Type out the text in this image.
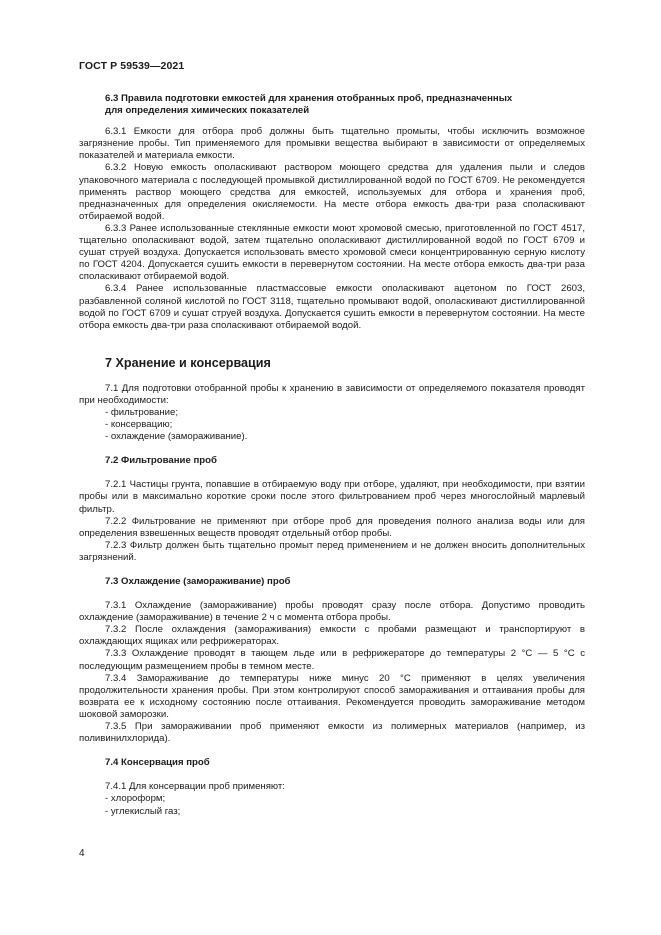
ГОСТ Р 59539—2021

6.3 Правила подготовки емкостей для хранения отобранных проб, предназначенных
для определения химических показателей

6.3.1 Емкости для отбора проб должны быть тщательно промыты, чтобы исключить возможное загрязнение пробы. Тип применяемого для промывки вещества выбирают в зависимости от определяемых показателей и материала емкости.

6.3.2 Новую емкость ополаскивают раствором моющего средства для удаления пыли и следов упаковочного материала с последующей промывкой дистиллированной водой по ГОСТ 6709. Не рекомендуется применять раствор моющего средства для емкостей, используемых для отбора и хранения проб, предназначенных для определения окисляемости. На месте отбора емкость два-три раза споласкивают отбираемой водой.

6.3.3 Ранее использованные стеклянные емкости моют хромовой смесью, приготовленной по ГОСТ 4517, тщательно ополаскивают водой, затем тщательно ополаскивают дистиллированной водой по ГОСТ 6709 и сушат струей воздуха. Допускается использовать вместо хромовой смеси концентрированную серную кислоту по ГОСТ 4204. Допускается сушить емкости в перевернутом состоянии. На месте отбора емкость два-три раза споласкивают отбираемой водой.

6.3.4 Ранее использованные пластмассовые емкости ополаскивают ацетоном по ГОСТ 2603, разбавленной соляной кислотой по ГОСТ 3118, тщательно промывают водой, ополаскивают дистиллированной водой по ГОСТ 6709 и сушат струей воздуха. Допускается сушить емкости в перевернутом состоянии. На месте отбора емкость два-три раза споласкивают отбираемой водой.

7 Хранение и консервация

7.1 Для подготовки отобранной пробы к хранению в зависимости от определяемого показателя проводят при необходимости:

- фильтрование;

- консервацию;

- охлаждение (замораживание).

7.2 Фильтрование проб

7.2.1 Частицы грунта, попавшие в отбираемую воду при отборе, удаляют, при необходимости, при взятии пробы или в максимально короткие сроки после этого фильтрованием проб через многослойный марлевый фильтр.

7.2.2 Фильтрование не применяют при отборе проб для проведения полного анализа воды или для определения взвешенных веществ проводят отдельный отбор пробы.

7.2.3 Фильтр должен быть тщательно промыт перед применением и не должен вносить дополнительных загрязнений.

7.3 Охлаждение (замораживание) проб

7.3.1 Охлаждение (замораживание) пробы проводят сразу после отбора. Допустимо проводить охлаждение (замораживание) в течение 2 ч с момента отбора пробы.

7.3.2 После охлаждения (замораживания) емкости с пробами размещают и транспортируют в охлаждающих ящиках или рефрижераторах.

7.3.3 Охлаждение проводят в тающем льде или в рефрижераторе до температуры 2 °С — 5 °С с последующим размещением пробы в темном месте.

7.3.4 Замораживание до температуры ниже минус 20 °С применяют в целях увеличения продолжительности хранения пробы. При этом контролируют способ замораживания и оттаивания пробы для возврата ее к исходному состоянию после оттаивания. Рекомендуется проводить замораживание методом шоковой заморозки.

7.3.5 При замораживании проб применяют емкости из полимерных материалов (например, из поливинилхлорида).

7.4 Консервация проб

7.4.1 Для консервации проб применяют:

- хлороформ;

- углекислый газ;

4
